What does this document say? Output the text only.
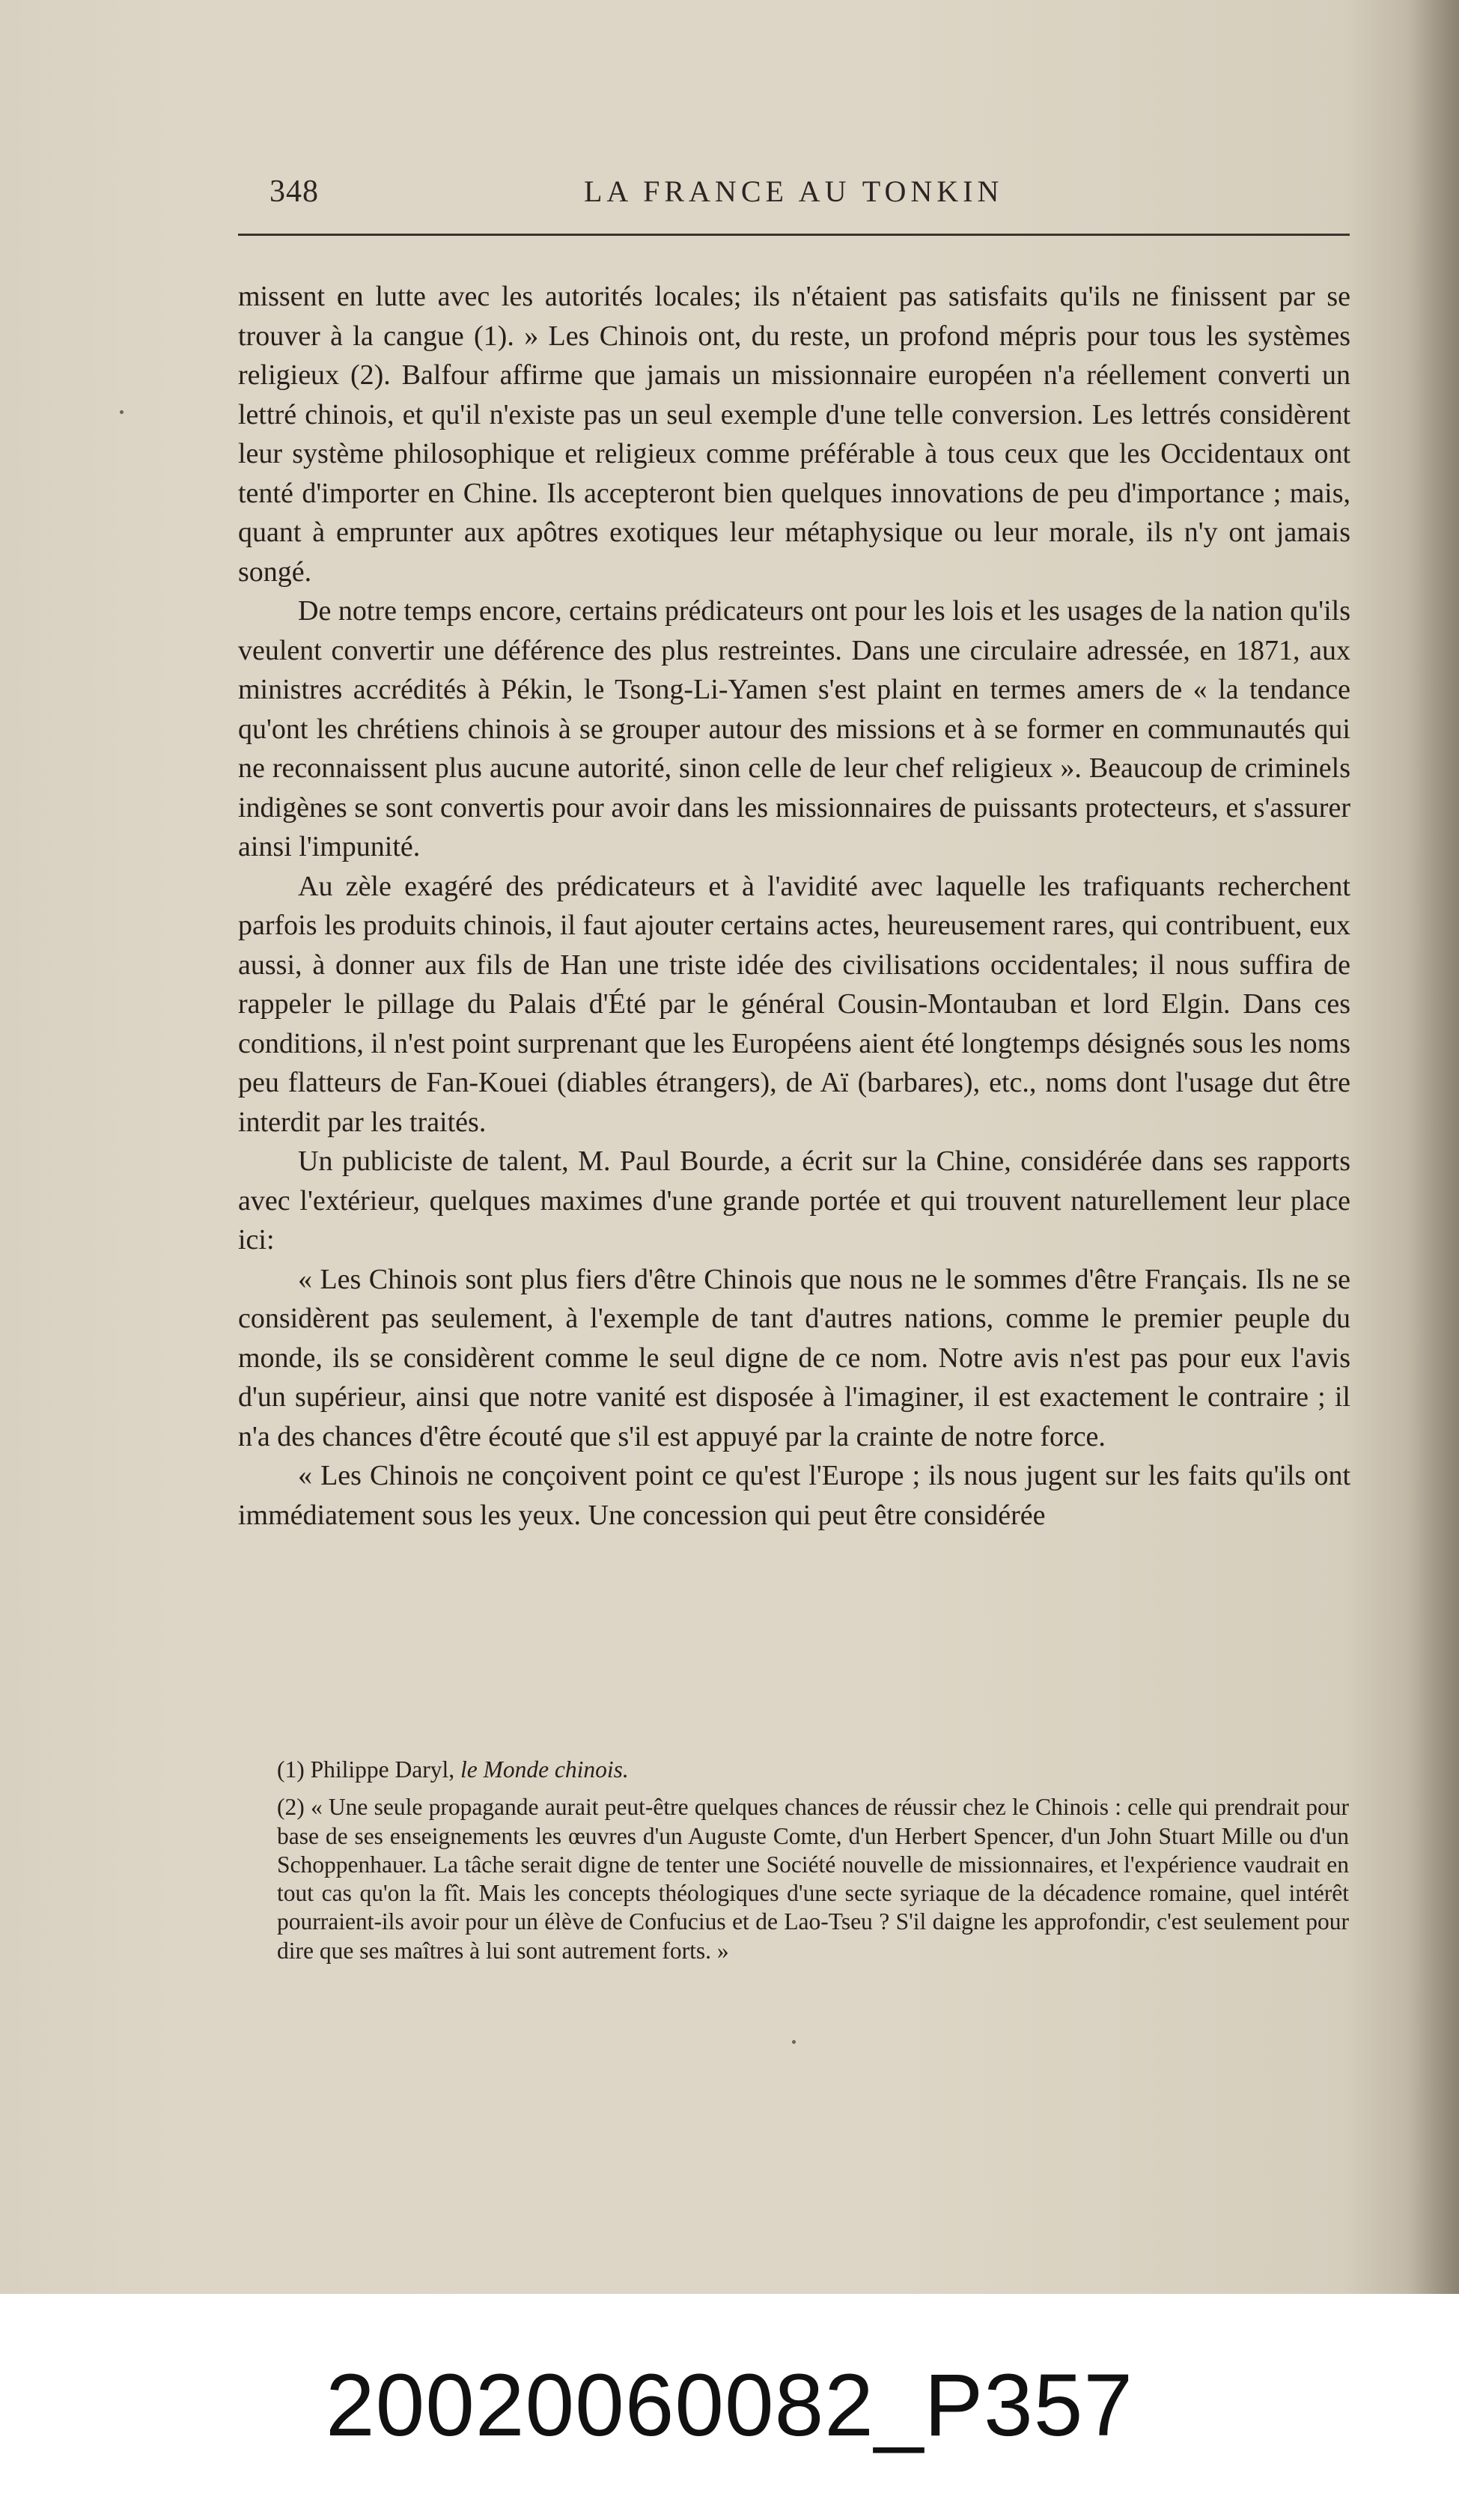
348	LA FRANCE AU TONKIN

missent en lutte avec les autorités locales; ils n'étaient pas satisfaits qu'ils ne finissent par se trouver à la cangue (1). » Les Chinois ont, du reste, un profond mépris pour tous les systèmes religieux (2). Balfour affirme que jamais un missionnaire européen n'a réellement converti un lettré chinois, et qu'il n'existe pas un seul exemple d'une telle conversion. Les lettrés considèrent leur système philosophique et religieux comme préférable à tous ceux que les Occidentaux ont tenté d'importer en Chine. Ils accepteront bien quelques innovations de peu d'importance ; mais, quant à emprunter aux apôtres exotiques leur métaphysique ou leur morale, ils n'y ont jamais songé.

De notre temps encore, certains prédicateurs ont pour les lois et les usages de la nation qu'ils veulent convertir une déférence des plus restreintes. Dans une circulaire adressée, en 1871, aux ministres accrédités à Pékin, le Tsong-Li-Yamen s'est plaint en termes amers de « la tendance qu'ont les chrétiens chinois à se grouper autour des missions et à se former en communautés qui ne reconnaissent plus aucune autorité, sinon celle de leur chef religieux ». Beaucoup de criminels indigènes se sont convertis pour avoir dans les missionnaires de puissants protecteurs, et s'assurer ainsi l'impunité.

Au zèle exagéré des prédicateurs et à l'avidité avec laquelle les trafiquants recherchent parfois les produits chinois, il faut ajouter certains actes, heureusement rares, qui contribuent, eux aussi, à donner aux fils de Han une triste idée des civilisations occidentales; il nous suffira de rappeler le pillage du Palais d'Été par le général Cousin-Montauban et lord Elgin. Dans ces conditions, il n'est point surprenant que les Européens aient été longtemps désignés sous les noms peu flatteurs de Fan-Kouei (diables étrangers), de Aï (barbares), etc., noms dont l'usage dut être interdit par les traités.

Un publiciste de talent, M. Paul Bourde, a écrit sur la Chine, considérée dans ses rapports avec l'extérieur, quelques maximes d'une grande portée et qui trouvent naturellement leur place ici:

« Les Chinois sont plus fiers d'être Chinois que nous ne le sommes d'être Français. Ils ne se considèrent pas seulement, à l'exemple de tant d'autres nations, comme le premier peuple du monde, ils se considèrent comme le seul digne de ce nom. Notre avis n'est pas pour eux l'avis d'un supérieur, ainsi que notre vanité est disposée à l'imaginer, il est exactement le contraire ; il n'a des chances d'être écouté que s'il est appuyé par la crainte de notre force.

« Les Chinois ne conçoivent point ce qu'est l'Europe ; ils nous jugent sur les faits qu'ils ont immédiatement sous les yeux. Une concession qui peut être considérée

(1) Philippe Daryl, le Monde chinois.

(2) « Une seule propagande aurait peut-être quelques chances de réussir chez le Chinois : celle qui prendrait pour base de ses enseignements les œuvres d'un Auguste Comte, d'un Herbert Spencer, d'un John Stuart Mille ou d'un Schoppenhauer. La tâche serait digne de tenter une Société nouvelle de missionnaires, et l'expérience vaudrait en tout cas qu'on la fît. Mais les concepts théologiques d'une secte syriaque de la décadence romaine, quel intérêt pourraient-ils avoir pour un élève de Confucius et de Lao-Tseu ? S'il daigne les approfondir, c'est seulement pour dire que ses maîtres à lui sont autrement forts. »

20020060082_P357
